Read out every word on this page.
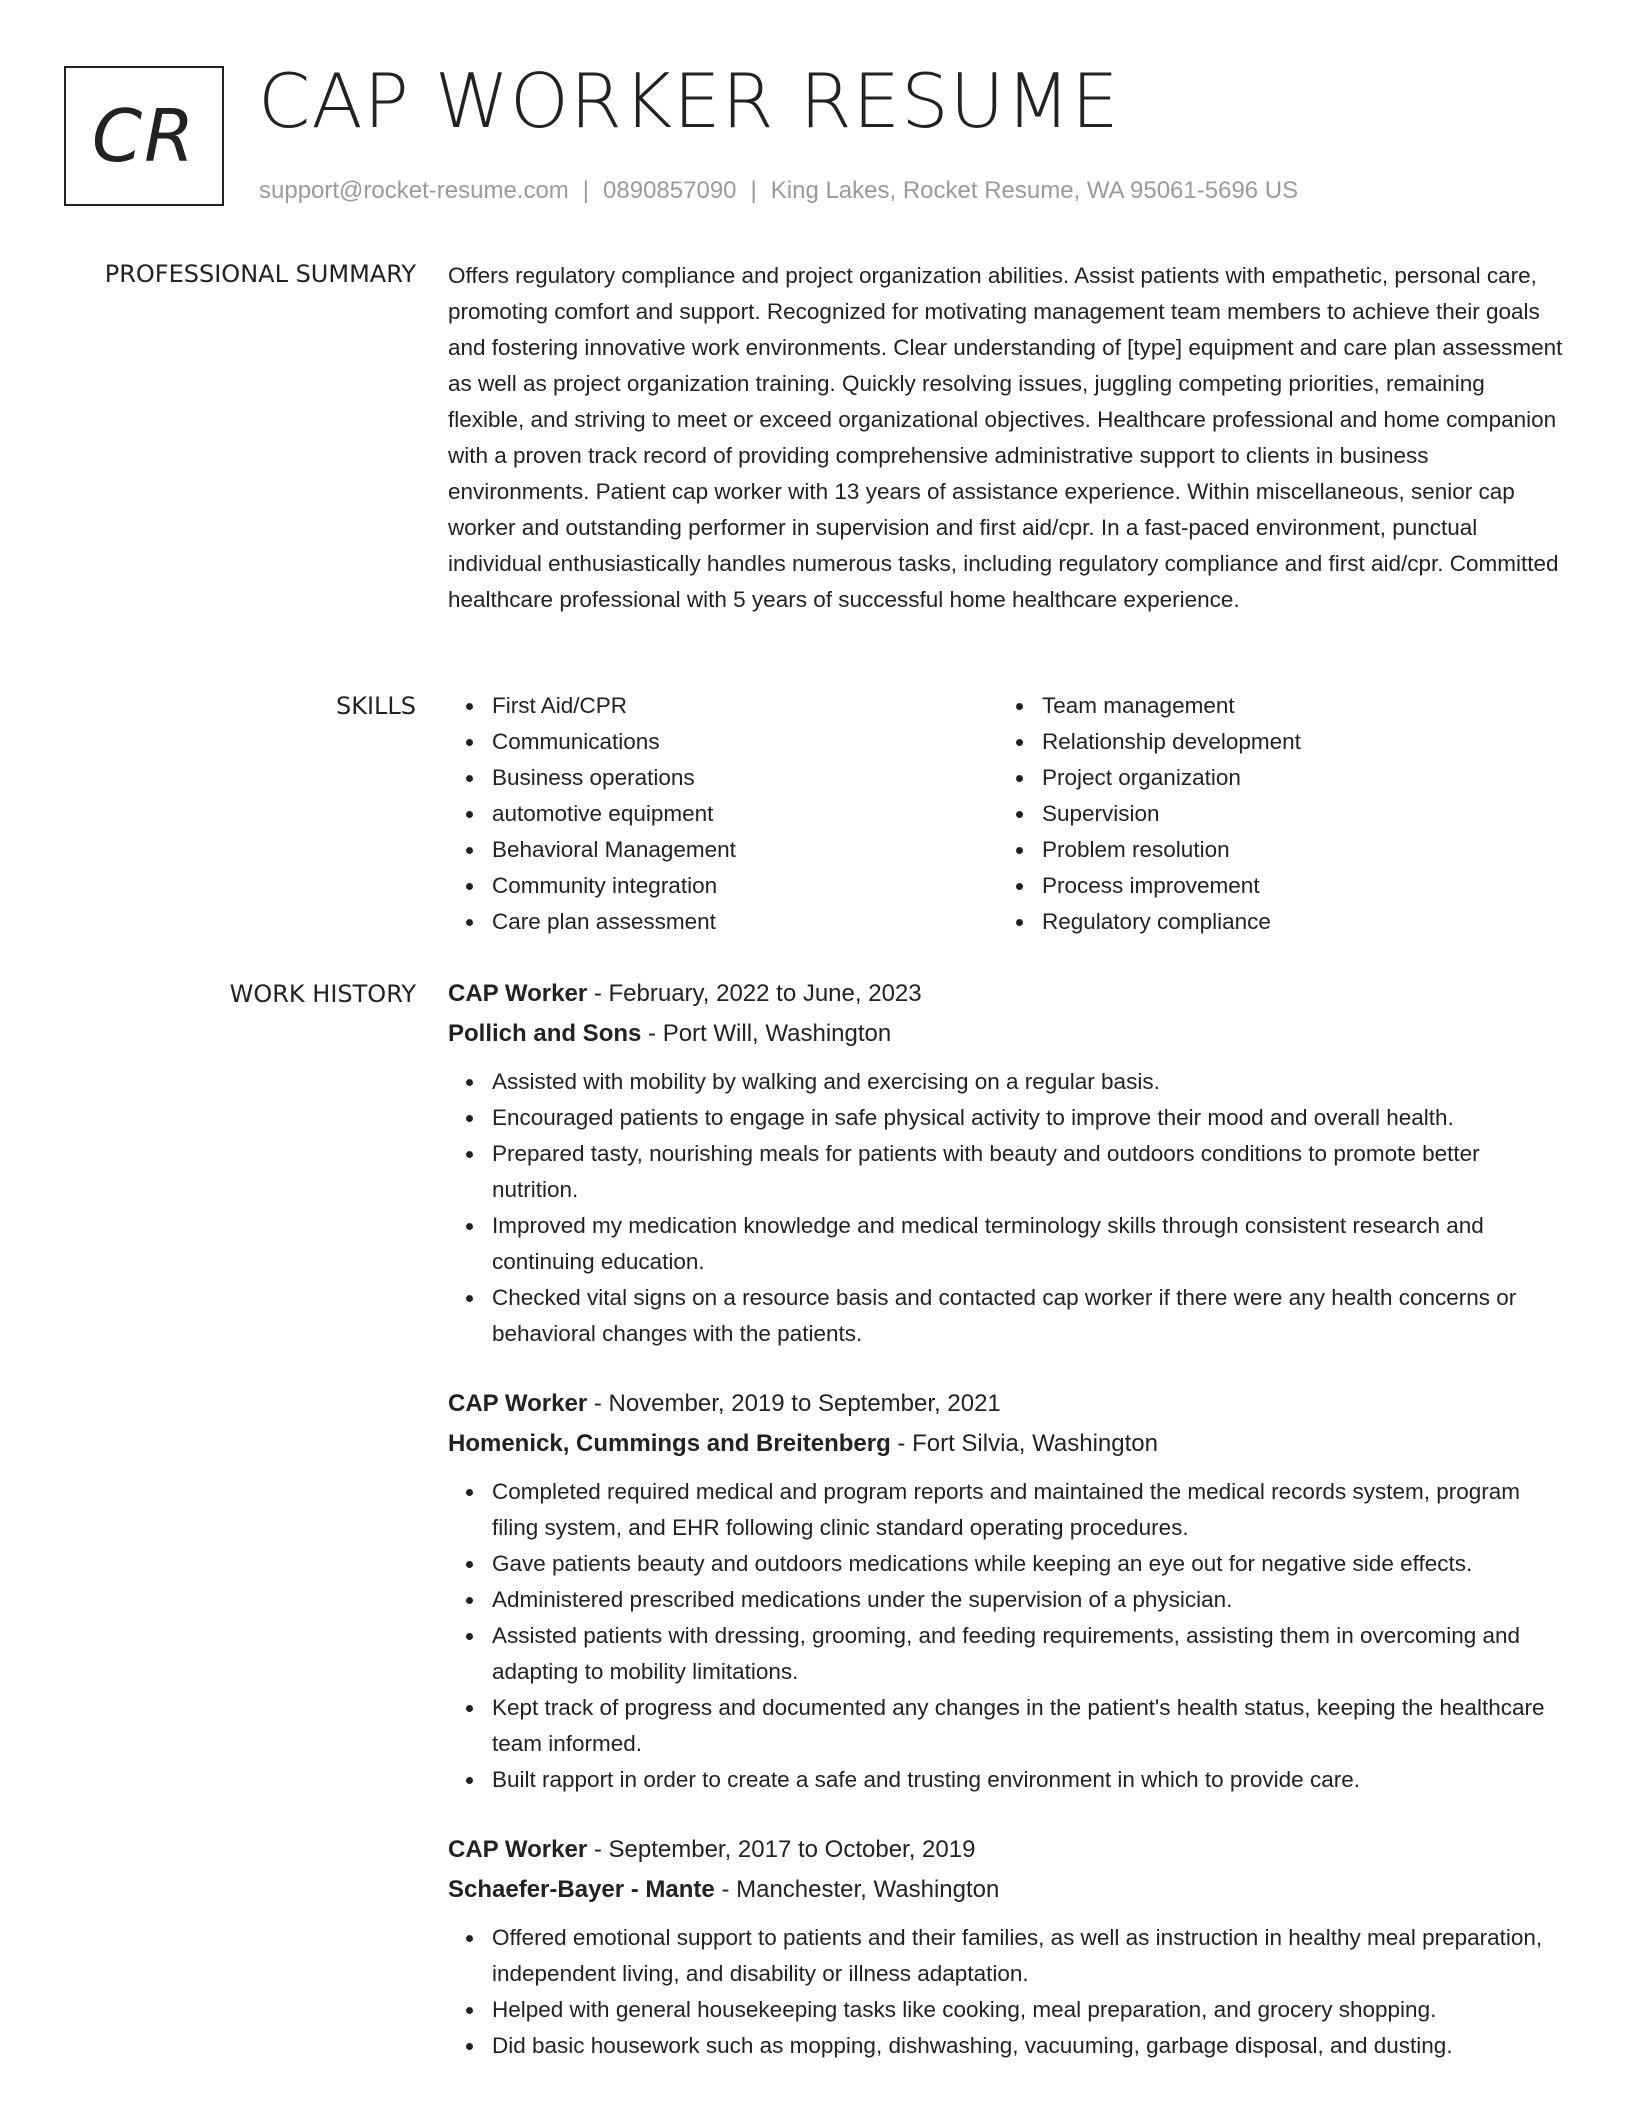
CR CAP WORKER RESUME
support@rocket-resume.com | 0890857090 | King Lakes, Rocket Resume, WA 95061-5696 US
PROFESSIONAL SUMMARY Offers regulatory compliance and project organization abilities. Assist patients with empathetic, personal care, promoting comfort and support. Recognized for motivating management team members to achieve their goals and fostering innovative work environments. Clear understanding of [type] equipment and care plan assessment as well as project organization training. Quickly resolving issues, juggling competing priorities, remaining flexible, and striving to meet or exceed organizational objectives. Healthcare professional and home companion with a proven track record of providing comprehensive administrative support to clients in business environments. Patient cap worker with 13 years of assistance experience. Within miscellaneous, senior cap worker and outstanding performer in supervision and first aid/cpr. In a fast-paced environment, punctual individual enthusiastically handles numerous tasks, including regulatory compliance and first aid/cpr. Committed healthcare professional with 5 years of successful home healthcare experience.

SKILLS	First Aid/CPR
Communications
Business operations
automotive equipment
Behavioral Management
Community integration
Care plan assessment
Team management
Relationship development
Project organization
Supervision
Problem resolution
Process improvement
Regulatory compliance
WORK HISTORY CAP Worker - February, 2022 to June, 2023
Pollich and Sons - Port Will, Washington
Assisted with mobility by walking and exercising on a regular basis.
Encouraged patients to engage in safe physical activity to improve their mood and overall health.
Prepared tasty, nourishing meals for patients with beauty and outdoors conditions to promote better nutrition.
Improved my medication knowledge and medical terminology skills through consistent research and continuing education.
Checked vital signs on a resource basis and contacted cap worker if there were any health concerns or behavioral changes with the patients.
CAP Worker - November, 2019 to September, 2021
Homenick, Cummings and Breitenberg - Fort Silvia, Washington
Completed required medical and program reports and maintained the medical records system, program filing system, and EHR following clinic standard operating procedures.
Gave patients beauty and outdoors medications while keeping an eye out for negative side effects.
Administered prescribed medications under the supervision of a physician.
Assisted patients with dressing, grooming, and feeding requirements, assisting them in overcoming and adapting to mobility limitations.
Kept track of progress and documented any changes in the patient's health status, keeping the healthcare team informed.
Built rapport in order to create a safe and trusting environment in which to provide care.
CAP Worker - September, 2017 to October, 2019
Schaefer-Bayer - Mante - Manchester, Washington
Offered emotional support to patients and their families, as well as instruction in healthy meal preparation, independent living, and disability or illness adaptation.
Helped with general housekeeping tasks like cooking, meal preparation, and grocery shopping.
Did basic housework such as mopping, dishwashing, vacuuming, garbage disposal, and dusting.
